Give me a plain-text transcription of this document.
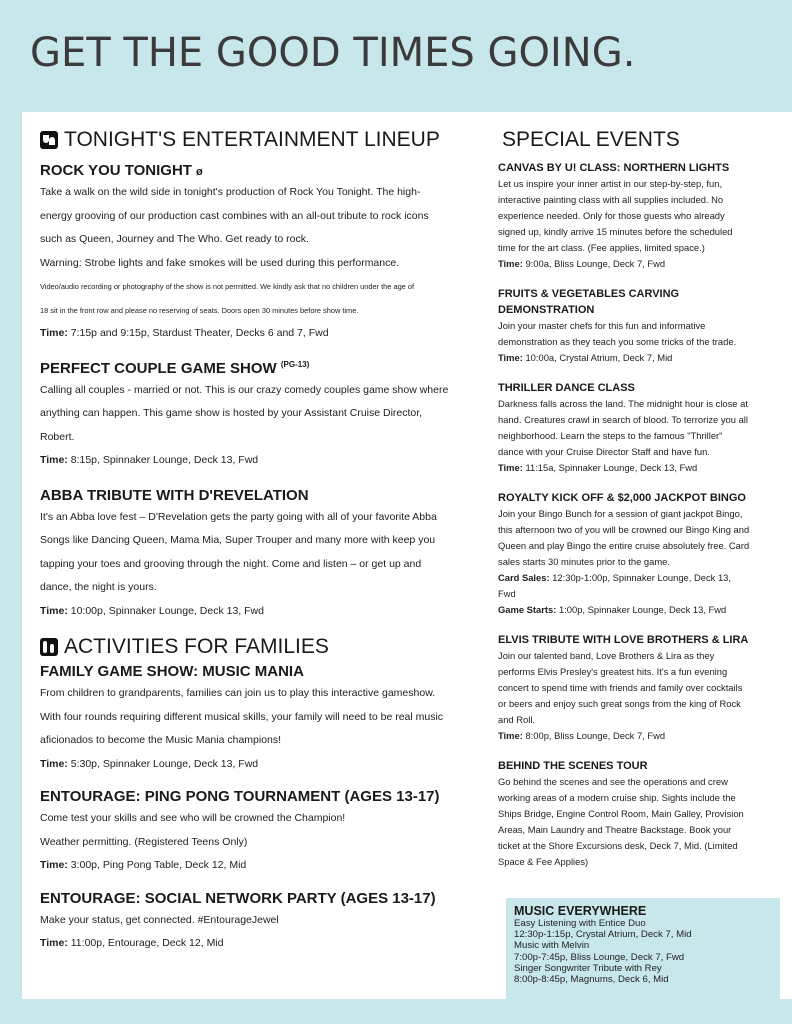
GET THE GOOD TIMES GOING.
TONIGHT'S ENTERTAINMENT LINEUP
ROCK YOU TONIGHT ø

Take a walk on the wild side in tonight's production of Rock You Tonight. The high-

energy grooving of our production cast combines with an all-out tribute to rock icons

such as Queen, Journey and The Who. Get ready to rock.

Warning: Strobe lights and fake smokes will be used during this performance.

Video/audio recording or photography of the show is not permitted. We kindly ask that no children under the age of

18 sit in the front row and please no reserving of seats. Doors open 30 minutes before show time.

Time: 7:15p and 9:15p, Stardust Theater, Decks 6 and 7, Fwd

PERFECT COUPLE GAME SHOW $^{(PG-13)}$

Calling all couples - married or not. This is our crazy comedy couples game show where

anything can happen. This game show is hosted by your Assistant Cruise Director,

Robert.

Time: 8:15p, Spinnaker Lounge, Deck 13, Fwd

ABBA TRIBUTE WITH D'REVELATION

It's an Abba love fest – D'Revelation gets the party going with all of your favorite Abba

Songs like Dancing Queen, Mama Mia, Super Trouper and many more with keep you

tapping your toes and grooving through the night. Come and listen – or get up and

dance, the night is yours.

Time: 10:00p, Spinnaker Lounge, Deck 13, Fwd

ACTIVITIES FOR FAMILIES
FAMILY GAME SHOW: MUSIC MANIA

From children to grandparents, families can join us to play this interactive gameshow.

With four rounds requiring different musical skills, your family will need to be real music

aficionados to become the Music Mania champions!

Time: 5:30p, Spinnaker Lounge, Deck 13, Fwd

ENTOURAGE: PING PONG TOURNAMENT (AGES 13-17)

Come test your skills and see who will be crowned the Champion!

Weather permitting. (Registered Teens Only)

Time: 3:00p, Ping Pong Table, Deck 12, Mid

ENTOURAGE: SOCIAL NETWORK PARTY (AGES 13-17)

Make your status, get connected. #EntourageJewel

Time: 11:00p, Entourage, Deck 12, Mid

SPECIAL EVENTS
CANVAS BY U! CLASS: NORTHERN LIGHTS

Let us inspire your inner artist in our step-by-step, fun,

interactive painting class with all supplies included. No

experience needed. Only for those guests who already

signed up, kindly arrive 15 minutes before the scheduled

time for the art class. (Fee applies, limited space.)

Time: 9:00a, Bliss Lounge, Deck 7, Fwd

FRUITS & VEGETABLES CARVING
DEMONSTRATION

Join your master chefs for this fun and informative

demonstration as they teach you some tricks of the trade.

Time: 10:00a, Crystal Atrium, Deck 7, Mid

THRILLER DANCE CLASS

Darkness falls across the land. The midnight hour is close at

hand. Creatures crawl in search of blood. To terrorize you all

neighborhood. Learn the steps to the famous "Thriller"

dance with your Cruise Director Staff and have fun.

Time: 11:15a, Spinnaker Lounge, Deck 13, Fwd

ROYALTY KICK OFF & $2,000 JACKPOT BINGO

Join your Bingo Bunch for a session of giant jackpot Bingo,

this afternoon two of you will be crowned our Bingo King and

Queen and play Bingo the entire cruise absolutely free. Card

sales starts 30 minutes prior to the game.

Card Sales: 12:30p-1:00p, Spinnaker Lounge, Deck 13,

Fwd

Game Starts: 1:00p, Spinnaker Lounge, Deck 13, Fwd

ELVIS TRIBUTE WITH LOVE BROTHERS & LIRA

Join our talented band, Love Brothers & Lira as they

performs Elvis Presley's greatest hits. It's a fun evening

concert to spend time with friends and family over cocktails

or beers and enjoy such great songs from the king of Rock

and Roll.

Time: 8:00p, Bliss Lounge, Deck 7, Fwd

BEHIND THE SCENES TOUR

Go behind the scenes and see the operations and crew

working areas of a modern cruise ship. Sights include the

Ships Bridge, Engine Control Room, Main Galley, Provision

Areas, Main Laundry and Theatre Backstage. Book your

ticket at the Shore Excursions desk, Deck 7, Mid. (Limited

Space & Fee Applies)

MUSIC EVERYWHERE
Easy Listening with Entice Duo
12:30p-1:15p, Crystal Atrium, Deck 7, Mid
Music with Melvin
7:00p-7:45p, Bliss Lounge, Deck 7, Fwd
Singer Songwriter Tribute with Rey
8:00p-8:45p, Magnums, Deck 6, Mid
